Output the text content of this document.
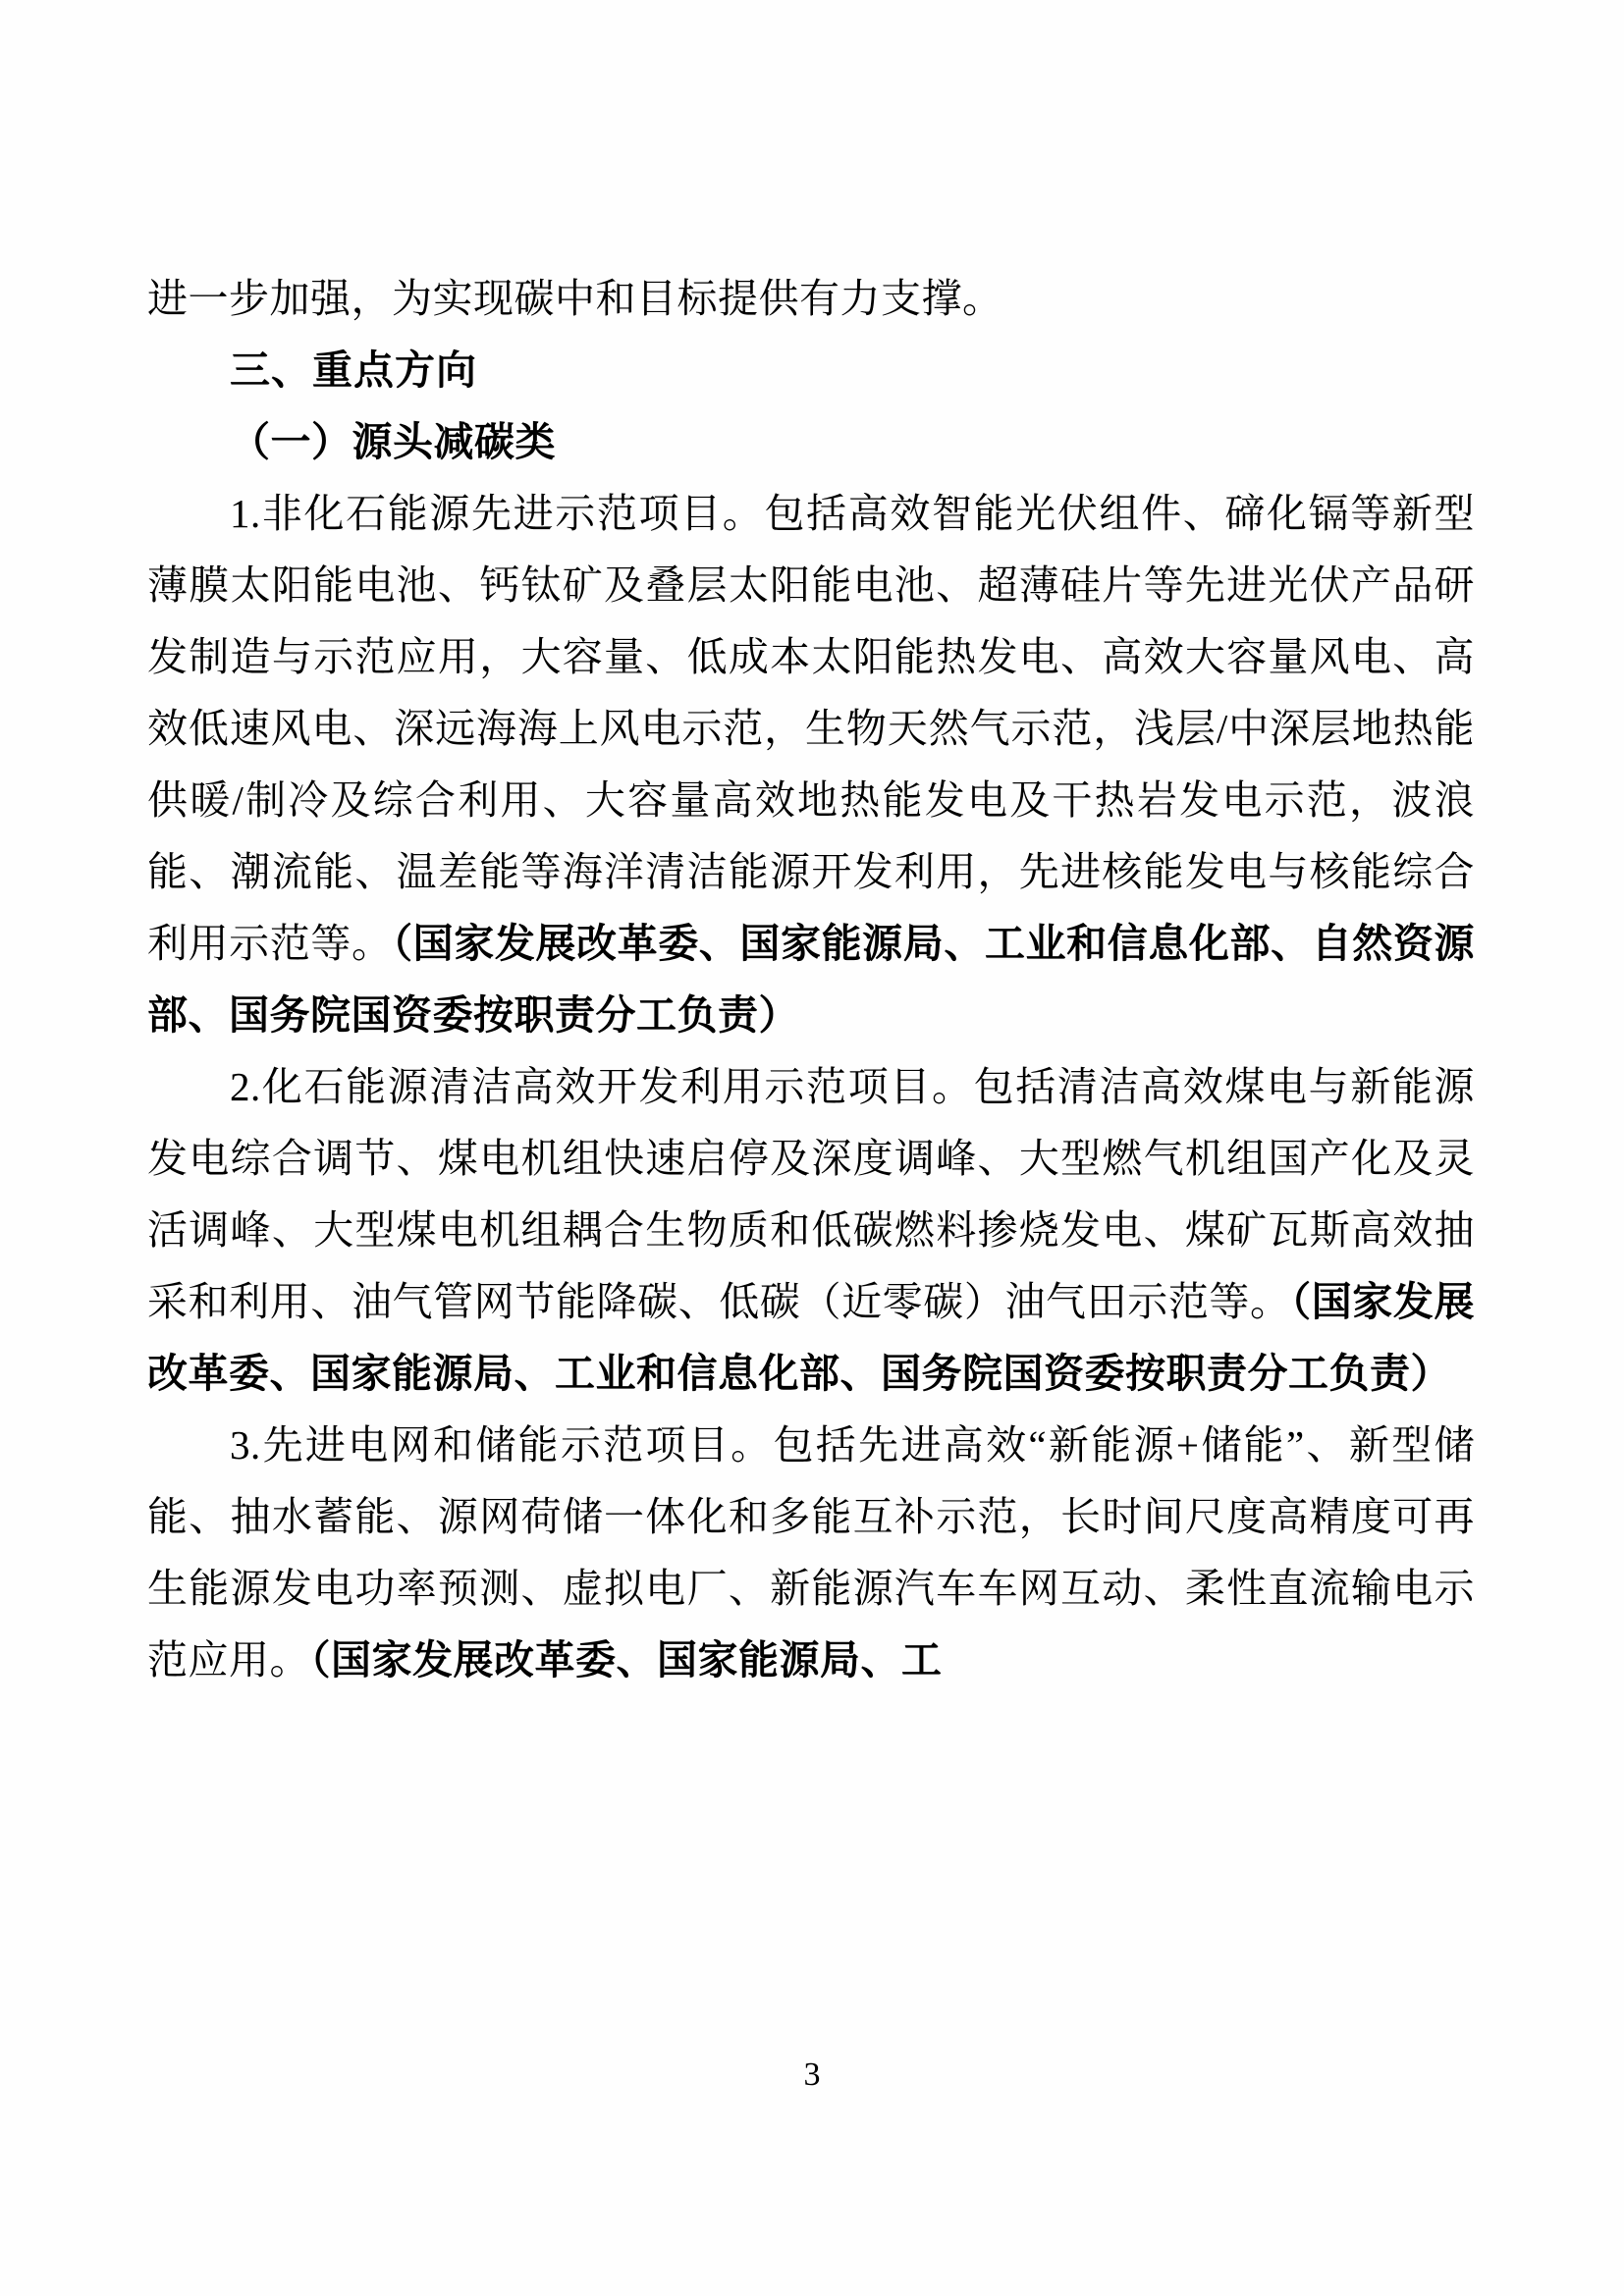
进一步加强，为实现碳中和目标提供有力支撑。

三、重点方向

（一）源头减碳类

1.非化石能源先进示范项目。包括高效智能光伏组件、碲化镉等新型薄膜太阳能电池、钙钛矿及叠层太阳能电池、超薄硅片等先进光伏产品研发制造与示范应用，大容量、低成本太阳能热发电、高效大容量风电、高效低速风电、深远海海上风电示范，生物天然气示范，浅层/中深层地热能供暖/制冷及综合利用、大容量高效地热能发电及干热岩发电示范，波浪能、潮流能、温差能等海洋清洁能源开发利用，先进核能发电与核能综合利用示范等。（国家发展改革委、国家能源局、工业和信息化部、自然资源部、国务院国资委按职责分工负责）

2.化石能源清洁高效开发利用示范项目。包括清洁高效煤电与新能源发电综合调节、煤电机组快速启停及深度调峰、大型燃气机组国产化及灵活调峰、大型煤电机组耦合生物质和低碳燃料掺烧发电、煤矿瓦斯高效抽采和利用、油气管网节能降碳、低碳（近零碳）油气田示范等。（国家发展改革委、国家能源局、工业和信息化部、国务院国资委按职责分工负责）

3.先进电网和储能示范项目。包括先进高效“新能源+储能”、新型储能、抽水蓄能、源网荷储一体化和多能互补示范，长时间尺度高精度可再生能源发电功率预测、虚拟电厂、新能源汽车车网互动、柔性直流输电示范应用。（国家发展改革委、国家能源局、工

3
